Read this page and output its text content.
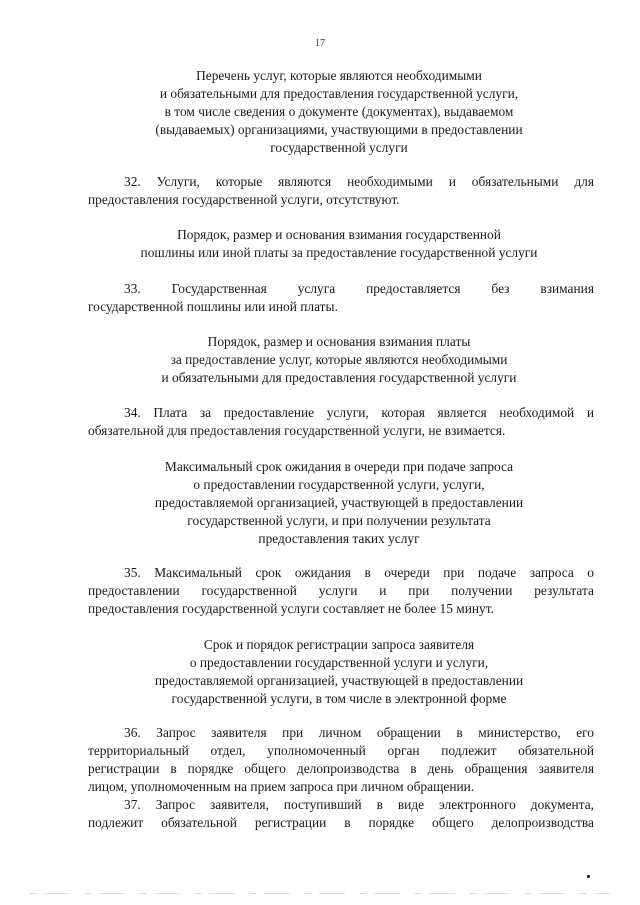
17
Перечень услуг, которые являются необходимыми
и обязательными для предоставления государственной услуги,
в том числе сведения о документе (документах), выдаваемом
(выдаваемых) организациями, участвующими в предоставлении
государственной услуги
32. Услуги, которые являются необходимыми и обязательными для
предоставления государственной услуги, отсутствуют.
Порядок, размер и основания взимания государственной
пошлины или иной платы за предоставление государственной услуги
33. Государственная услуга предоставляется без взимания
государственной пошлины или иной платы.
Порядок, размер и основания взимания платы
за предоставление услуг, которые являются необходимыми
и обязательными для предоставления государственной услуги
34. Плата за предоставление услуги, которая является необходимой и
обязательной для предоставления государственной услуги, не взимается.
Максимальный срок ожидания в очереди при подаче запроса
о предоставлении государственной услуги, услуги,
предоставляемой организацией, участвующей в предоставлении
государственной услуги, и при получении результата
предоставления таких услуг
35. Максимальный срок ожидания в очереди при подаче запроса о
предоставлении государственной услуги и при получении результата
предоставления государственной услуги составляет не более 15 минут.
Срок и порядок регистрации запроса заявителя
о предоставлении государственной услуги и услуги,
предоставляемой организацией, участвующей в предоставлении
государственной услуги, в том числе в электронной форме
36. Запрос заявителя при личном обращении в министерство, его
территориальный отдел, уполномоченный орган подлежит обязательной
регистрации в порядке общего делопроизводства в день обращения заявителя
лицом, уполномоченным на прием запроса при личном обращении.
37. Запрос заявителя, поступивший в виде электронного документа,
подлежит обязательной регистрации в порядке общего делопроизводства
